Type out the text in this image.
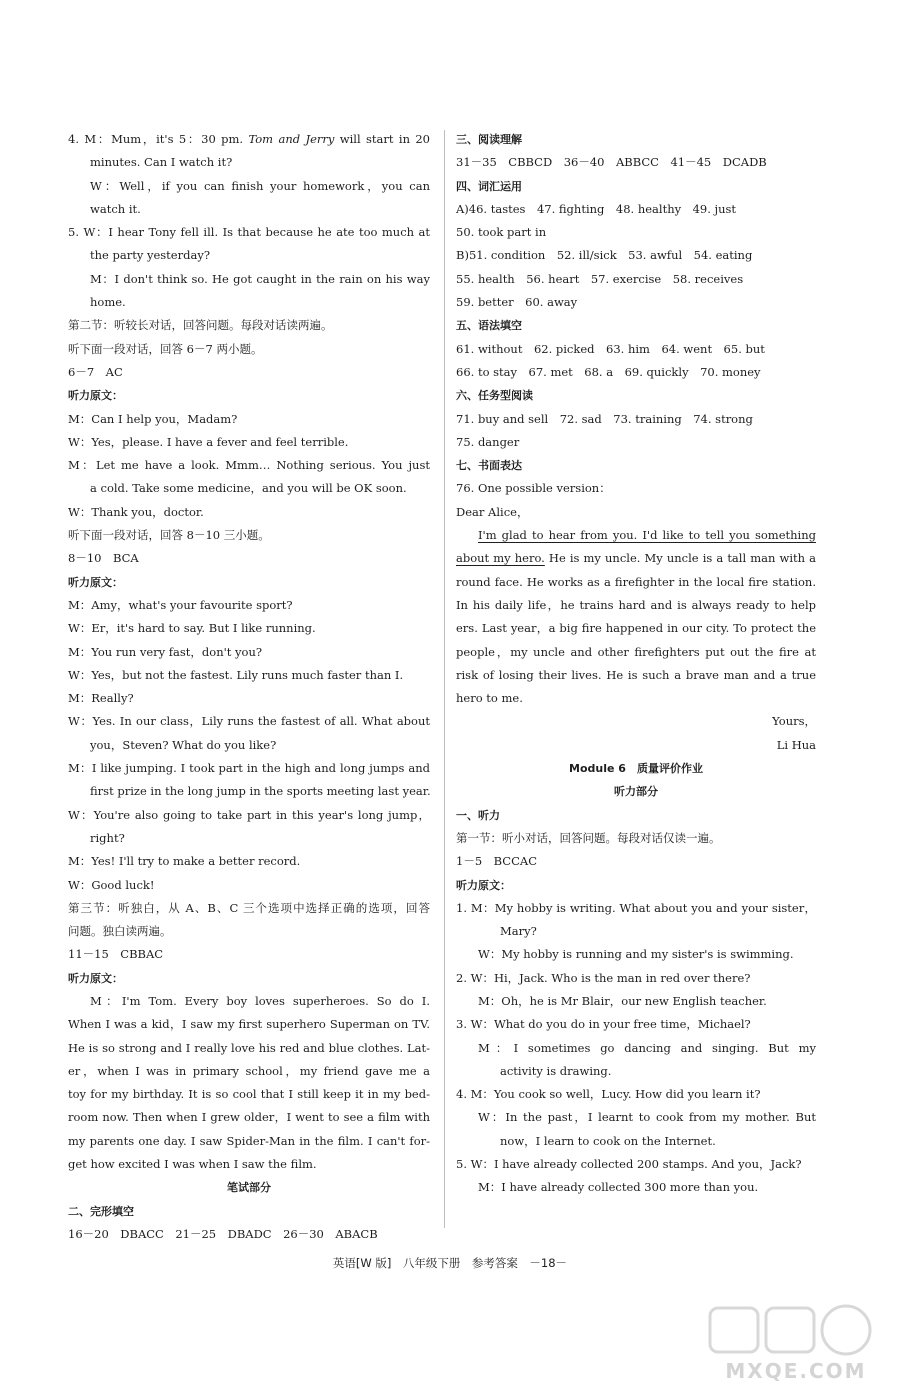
4. M：Mum，it's 5：30 pm. Tom and Jerry will start in 20
minutes. Can I watch it?
W：Well，if you can finish your homework，you can
watch it.
5. W：I hear Tony fell ill. Is that because he ate too much at
the party yesterday?
M：I don't think so. He got caught in the rain on his way
home.
第二节：听较长对话，回答问题。每段对话读两遍。
听下面一段对话，回答 6－7 两小题。
6－7　AC
听力原文：
M：Can I help you，Madam?
W：Yes，please. I have a fever and feel terrible.
M：Let me have a look. Mmm… Nothing serious. You just
a cold. Take some medicine，and you will be OK soon.
W：Thank you，doctor.
听下面一段对话，回答 8－10 三小题。
8－10　BCA
听力原文：
M：Amy，what's your favourite sport?
W：Er，it's hard to say. But I like running.
M：You run very fast，don't you?
W：Yes，but not the fastest. Lily runs much faster than I.
M：Really?
W：Yes. In our class，Lily runs the fastest of all. What about
you，Steven? What do you like?
M：I like jumping. I took part in the high and long jumps and
first prize in the long jump in the sports meeting last year.
W：You're also going to take part in this year's long jump，
right?
M：Yes! I'll try to make a better record.
W：Good luck!
第三节：听独白，从 A、B、C 三个选项中选择正确的选项，回答
问题。独白读两遍。
11－15　CBBAC
听力原文：
M：I'm Tom. Every boy loves superheroes. So do I.
When I was a kid，I saw my first superhero Superman on TV.
He is so strong and I really love his red and blue clothes. Lat-
er，when I was in primary school，my friend gave me a
toy for my birthday. It is so cool that I still keep it in my bed-
room now. Then when I grew older，I went to see a film with
my parents one day. I saw Spider-Man in the film. I can't for-
get how excited I was when I saw the film.
笔试部分
二、完形填空
16－20　DBACC　21－25　DBADC　26－30　ABACB
三、阅读理解
31－35　CBBCD　36－40　ABBCC　41－45　DCADB
四、词汇运用
A)46. tastes　47. fighting　48. healthy　49. just
50. took part in
B)51. condition　52. ill/sick　53. awful　54. eating
55. health　56. heart　57. exercise　58. receives
59. better　60. away
五、语法填空
61. without　62. picked　63. him　64. went　65. but
66. to stay　67. met　68. a　69. quickly　70. money
六、任务型阅读
71. buy and sell　72. sad　73. training　74. strong
75. danger
七、书面表达
76. One possible version：
Dear Alice，
I'm glad to hear from you. I'd like to tell you something
about my hero. He is my uncle. My uncle is a tall man with a
round face. He works as a firefighter in the local fire station.
In his daily life，he trains hard and is always ready to help
ers. Last year，a big fire happened in our city. To protect the
people，my uncle and other firefighters put out the fire at
risk of losing their lives. He is such a brave man and a true
hero to me.
Yours，
Li Hua
Module 6　质量评价作业
听力部分
一、听力
第一节：听小对话，回答问题。每段对话仅读一遍。
1－5　BCCAC
听力原文：
1. M：My hobby is writing. What about you and your sister，
Mary?
W：My hobby is running and my sister's is swimming.
2. W：Hi，Jack. Who is the man in red over there?
M：Oh，he is Mr Blair，our new English teacher.
3. W：What do you do in your free time，Michael?
M：I sometimes go dancing and singing. But my
activity is drawing.
4. M：You cook so well，Lucy. How did you learn it?
W：In the past，I learnt to cook from my mother. But
now，I learn to cook on the Internet.
5. W：I have already collected 200 stamps. And you，Jack?
M：I have already collected 300 more than you.
英语[W 版]　八年级下册　参考答案　－18－
MXQE.COM
